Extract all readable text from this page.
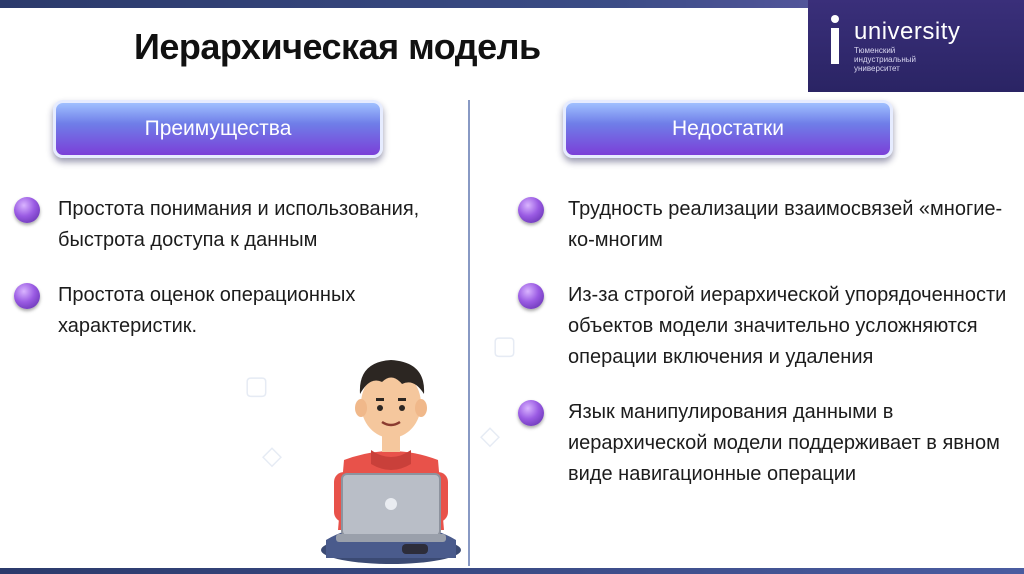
university
Тюменский
индустриальный
университет
Иерархическая модель
Преимущества	Недостатки
Простота понимания и использования, быстрота доступа к данным
Простота оценок операционных характеристик.
Трудность реализации взаимосвязей «многие-ко-многим
Из-за строгой иерархической упорядоченности объектов модели значительно усложняются операции включения и удаления
Язык манипулирования данными в иерархической модели поддерживает в явном виде навигационные операции
▢
◇
▢
◇
